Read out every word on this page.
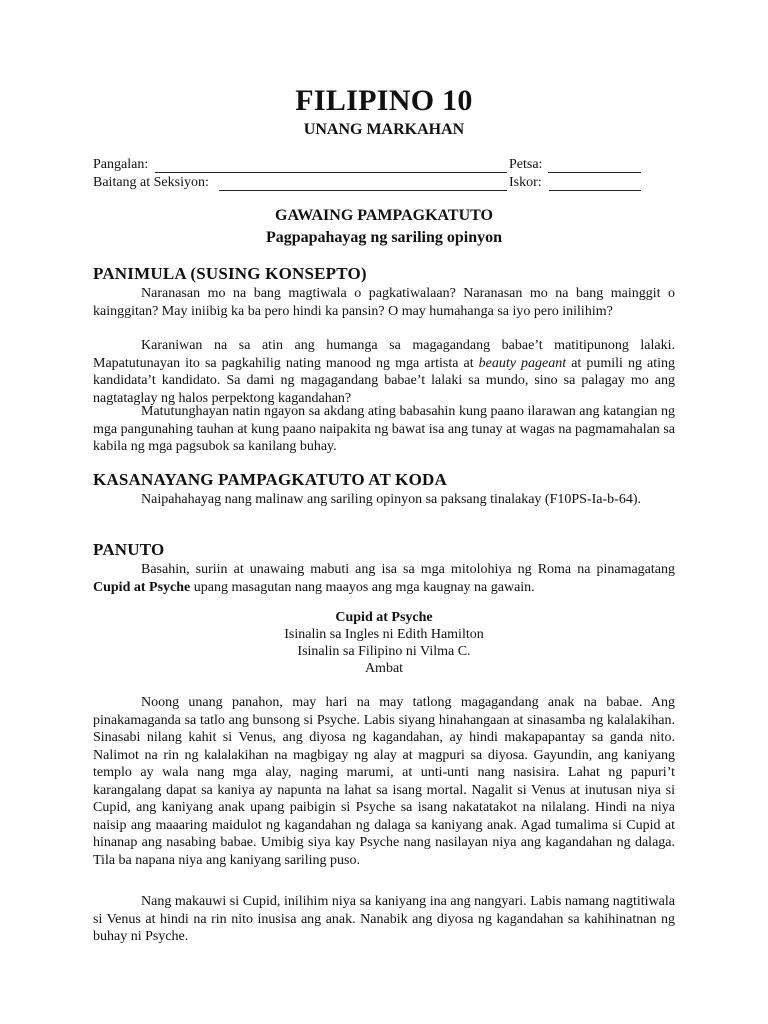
FILIPINO 10
UNANG MARKAHAN
Pangalan:	Petsa:
Baitang at Seksiyon:	Iskor:
GAWAING PAMPAGKATUTO
Pagpapahayag ng sariling opinyon
PANIMULA (SUSING KONSEPTO)
Naranasan mo na bang magtiwala o pagkatiwalaan? Naranasan mo na bang mainggit o kainggitan? May iniibig ka ba pero hindi ka pansin? O may humahanga sa iyo pero inilihim?
Karaniwan na sa atin ang humanga sa magagandang babae’t matitipunong lalaki. Mapatutunayan ito sa pagkahilig nating manood ng mga artista at beauty pageant at pumili ng ating kandidata’t kandidato. Sa dami ng magagandang babae’t lalaki sa mundo, sino sa palagay mo ang nagtataglay ng halos perpektong kagandahan?
Matutunghayan natin ngayon sa akdang ating babasahin kung paano ilarawan ang katangian ng mga pangunahing tauhan at kung paano naipakita ng bawat isa ang tunay at wagas na pagmamahalan sa kabila ng mga pagsubok sa kanilang buhay.
KASANAYANG PAMPAGKATUTO AT KODA
Naipahahayag nang malinaw ang sariling opinyon sa paksang tinalakay (F10PS-Ia-b-64).
PANUTO
Basahin, suriin at unawaing mabuti ang isa sa mga mitolohiya ng Roma na pinamagatang Cupid at Psyche upang masagutan nang maayos ang mga kaugnay na gawain.
Cupid at Psyche
Isinalin sa Ingles ni Edith Hamilton
Isinalin sa Filipino ni Vilma C.
Ambat
Noong unang panahon, may hari na may tatlong magagandang anak na babae. Ang pinakamaganda sa tatlo ang bunsong si Psyche. Labis siyang hinahangaan at sinasamba ng kalalakihan. Sinasabi nilang kahit si Venus, ang diyosa ng kagandahan, ay hindi makapapantay sa ganda nito. Nalimot na rin ng kalalakihan na magbigay ng alay at magpuri sa diyosa. Gayundin, ang kaniyang templo ay wala nang mga alay, naging marumi, at unti-unti nang nasisira. Lahat ng papuri’t karangalang dapat sa kaniya ay napunta na lahat sa isang mortal. Nagalit si Venus at inutusan niya si Cupid, ang kaniyang anak upang paibigin si Psyche sa isang nakatatakot na nilalang. Hindi na niya naisip ang maaaring maidulot ng kagandahan ng dalaga sa kaniyang anak. Agad tumalima si Cupid at hinanap ang nasabing babae. Umibig siya kay Psyche nang nasilayan niya ang kagandahan ng dalaga. Tila ba napana niya ang kaniyang sariling puso.
Nang makauwi si Cupid, inilihim niya sa kaniyang ina ang nangyari. Labis namang nagtitiwala si Venus at hindi na rin nito inusisa ang anak. Nanabik ang diyosa ng kagandahan sa kahihinatnan ng buhay ni Psyche.
